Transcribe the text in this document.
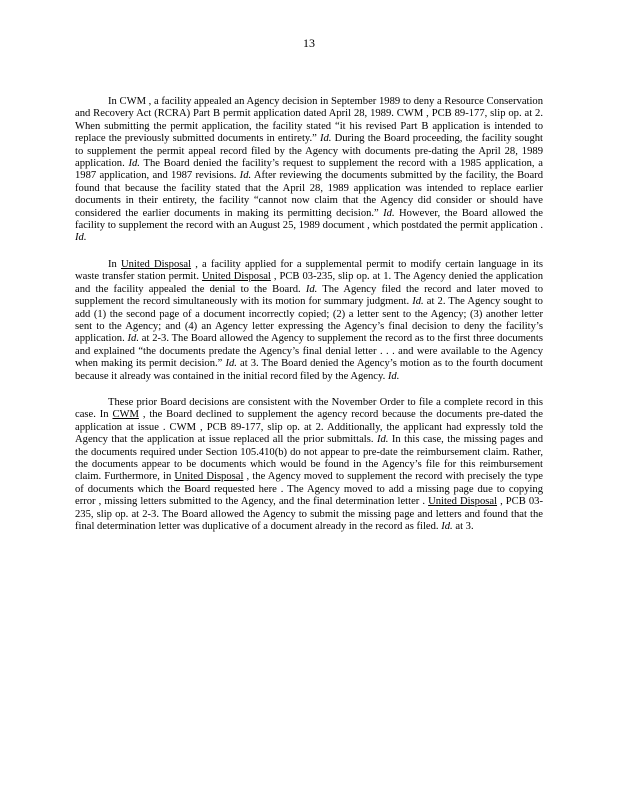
13

In CWM , a facility appealed an Agency decision in September 1989 to deny a Resource Conservation and Recovery Act (RCRA) Part B permit application dated April 28, 1989. CWM , PCB 89-177, slip op. at 2. When submitting the permit application, the facility stated “it his revised Part B application is intended to replace the previously submitted documents in entirety.” Id. During the Board proceeding, the facility sought to supplement the permit appeal record filed by the Agency with documents pre-dating the April 28, 1989 application. Id. The Board denied the facility’s request to supplement the record with a 1985 application, a 1987 application, and 1987 revisions. Id. After reviewing the documents submitted by the facility, the Board found that because the facility stated that the April 28, 1989 application was intended to replace earlier documents in their entirety, the facility “cannot now claim that the Agency did consider or should have considered the earlier documents in making its permitting decision.” Id. However, the Board allowed the facility to supplement the record with an August 25, 1989 document , which postdated the permit application . Id.

In United Disposal , a facility applied for a supplemental permit to modify certain language in its waste transfer station permit. United Disposal , PCB 03-235, slip op. at 1. The Agency denied the application and the facility appealed the denial to the Board. Id. The Agency filed the record and later moved to supplement the record simultaneously with its motion for summary judgment. Id. at 2. The Agency sought to add (1) the second page of a document incorrectly copied; (2) a letter sent to the Agency; (3) another letter sent to the Agency; and (4) an Agency letter expressing the Agency’s final decision to deny the facility’s application. Id. at 2-3. The Board allowed the Agency to supplement the record as to the first three documents and explained “the documents predate the Agency’s final denial letter . . . and were available to the Agency when making its permit decision.” Id. at 3. The Board denied the Agency’s motion as to the fourth document because it already was contained in the initial record filed by the Agency. Id.

These prior Board decisions are consistent with the November Order to file a complete record in this case. In CWM , the Board declined to supplement the agency record because the documents pre-dated the application at issue . CWM , PCB 89-177, slip op. at 2. Additionally, the applicant had expressly told the Agency that the application at issue replaced all the prior submittals. Id. In this case, the missing pages and the documents required under Section 105.410(b) do not appear to pre-date the reimbursement claim. Rather, the documents appear to be documents which would be found in the Agency’s file for this reimbursement claim. Furthermore, in United Disposal , the Agency moved to supplement the record with precisely the type of documents which the Board requested here . The Agency moved to add a missing page due to copying error , missing letters submitted to the Agency, and the final determination letter . United Disposal , PCB 03-235, slip op. at 2-3. The Board allowed the Agency to submit the missing page and letters and found that the final determination letter was duplicative of a document already in the record as filed. Id. at 3.
